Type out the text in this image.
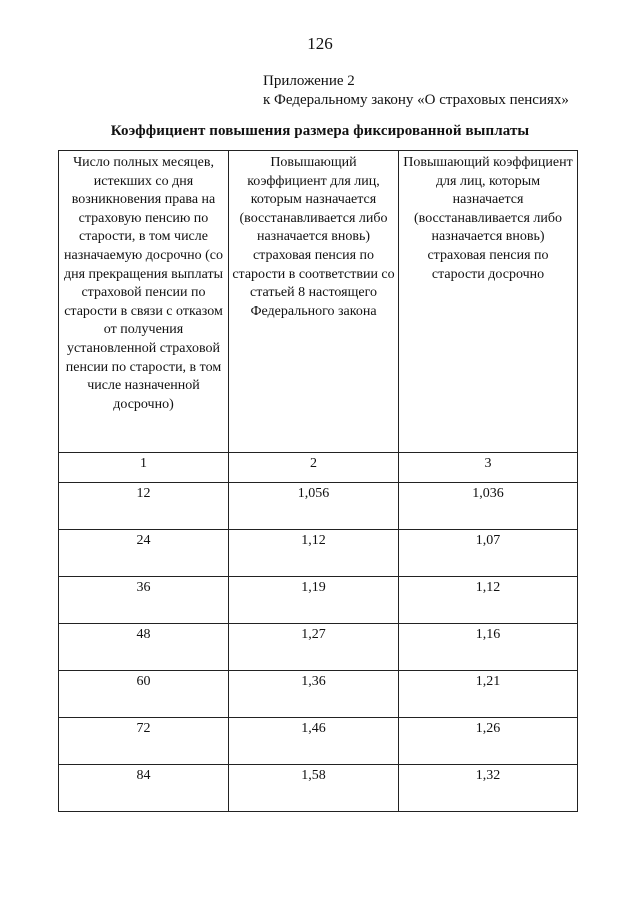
126
Приложение 2
к Федеральному закону «О страховых пенсиях»
Коэффициент повышения размера фиксированной выплаты
Число полных месяцев, истекших со дня возникновения права на страховую пенсию по старости, в том числе назначаемую досрочно (со дня прекращения выплаты страховой пенсии по старости в связи с отказом от получения установленной страховой пенсии по старости, в том числе назначенной досрочно)	Повышающий коэффициент для лиц, которым назначается (восстанавливается либо назначается вновь) страховая пенсия по старости в соответствии со статьей 8 настоящего Федерального закона	Повышающий коэффициент для лиц, которым назначается (восстанавливается либо назначается вновь) страховая пенсия по старости досрочно
1	2	3
12	1,056	1,036
24	1,12	1,07
36	1,19	1,12
48	1,27	1,16
60	1,36	1,21
72	1,46	1,26
84	1,58	1,32
